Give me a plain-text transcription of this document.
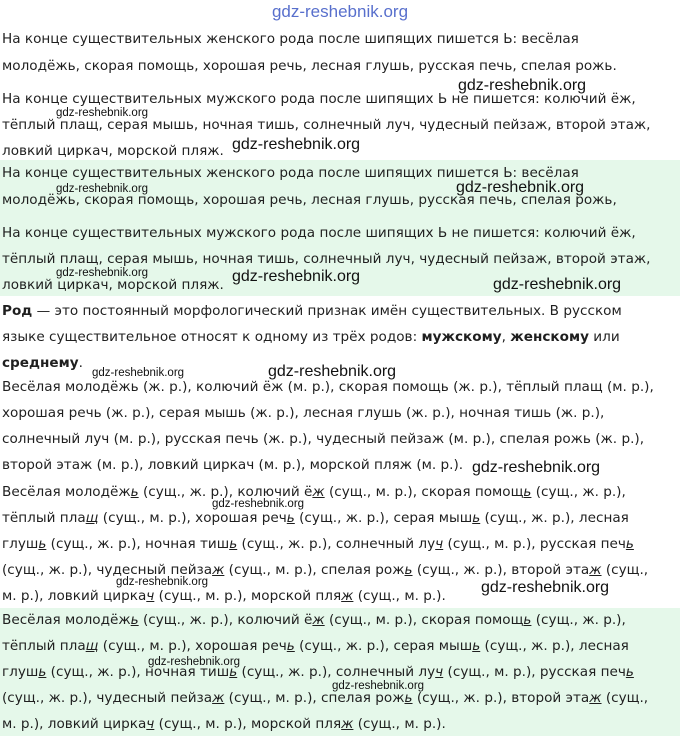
gdz-reshebnik.org
На конце существительных женского рода после шипящих пишется Ь: весёлая
молодёжь, скорая помощь, хорошая речь, лесная глушь, русская печь, спелая рожь.
На конце существительных мужского рода после шипящих Ь не пишется: колючий ёж,
тёплый плащ, серая мышь, ночная тишь, солнечный луч, чудесный пейзаж, второй этаж,
ловкий циркач, морской пляж.
На конце существительных женского рода после шипящих пишется Ь: весёлая
молодёжь, скорая помощь, хорошая речь, лесная глушь, русская печь, спелая рожь,
На конце существительных мужского рода после шипящих Ь не пишется: колючий ёж,
тёплый плащ, серая мышь, ночная тишь, солнечный луч, чудесный пейзаж, второй этаж,
ловкий циркач, морской пляж.
Род — это постоянный морфологический признак имён существительных. В русском
языке существительное относят к одному из трёх родов: мужскому, женскому или
среднему.
Весёлая молодёжь (ж. р.), колючий ёж (м. р.), скорая помощь (ж. р.), тёплый плащ (м. р.),
хорошая речь (ж. р.), серая мышь (ж. р.), лесная глушь (ж. р.), ночная тишь (ж. р.),
солнечный луч (м. р.), русская печь (ж. р.), чудесный пейзаж (м. р.), спелая рожь (ж. р.),
второй этаж (м. р.), ловкий циркач (м. р.), морской пляж (м. р.).
Весёлая молодёжь (сущ., ж. р.), колючий ёж (сущ., м. р.), скорая помощь (сущ., ж. р.),
тёплый плащ (сущ., м. р.), хорошая речь (сущ., ж. р.), серая мышь (сущ., ж. р.), лесная
глушь (сущ., ж. р.), ночная тишь (сущ., ж. р.), солнечный луч (сущ., м. р.), русская печь
(сущ., ж. р.), чудесный пейзаж (сущ., м. р.), спелая рожь (сущ., ж. р.), второй этаж (сущ.,
м. р.), ловкий циркач (сущ., м. р.), морской пляж (сущ., м. р.).
Весёлая молодёжь (сущ., ж. р.), колючий ёж (сущ., м. р.), скорая помощь (сущ., ж. р.),
тёплый плащ (сущ., м. р.), хорошая речь (сущ., ж. р.), серая мышь (сущ., ж. р.), лесная
глушь (сущ., ж. р.), ночная тишь (сущ., ж. р.), солнечный луч (сущ., м. р.), русская печь
(сущ., ж. р.), чудесный пейзаж (сущ., м. р.), спелая рожь (сущ., ж. р.), второй этаж (сущ.,
м. р.), ловкий циркач (сущ., м. р.), морской пляж (сущ., м. р.).
gdz-reshebnik.org
gdz-reshebnik.org
gdz-reshebnik.org
gdz-reshebnik.org	gdz-reshebnik.org
gdz-reshebnik.org	gdz-reshebnik.org	gdz-reshebnik.org
gdz-reshebnik.org	gdz-reshebnik.org
gdz-reshebnik.org
gdz-reshebnik.org
gdz-reshebnik.org	gdz-reshebnik.org
gdz-reshebnik.org
gdz-reshebnik.org
